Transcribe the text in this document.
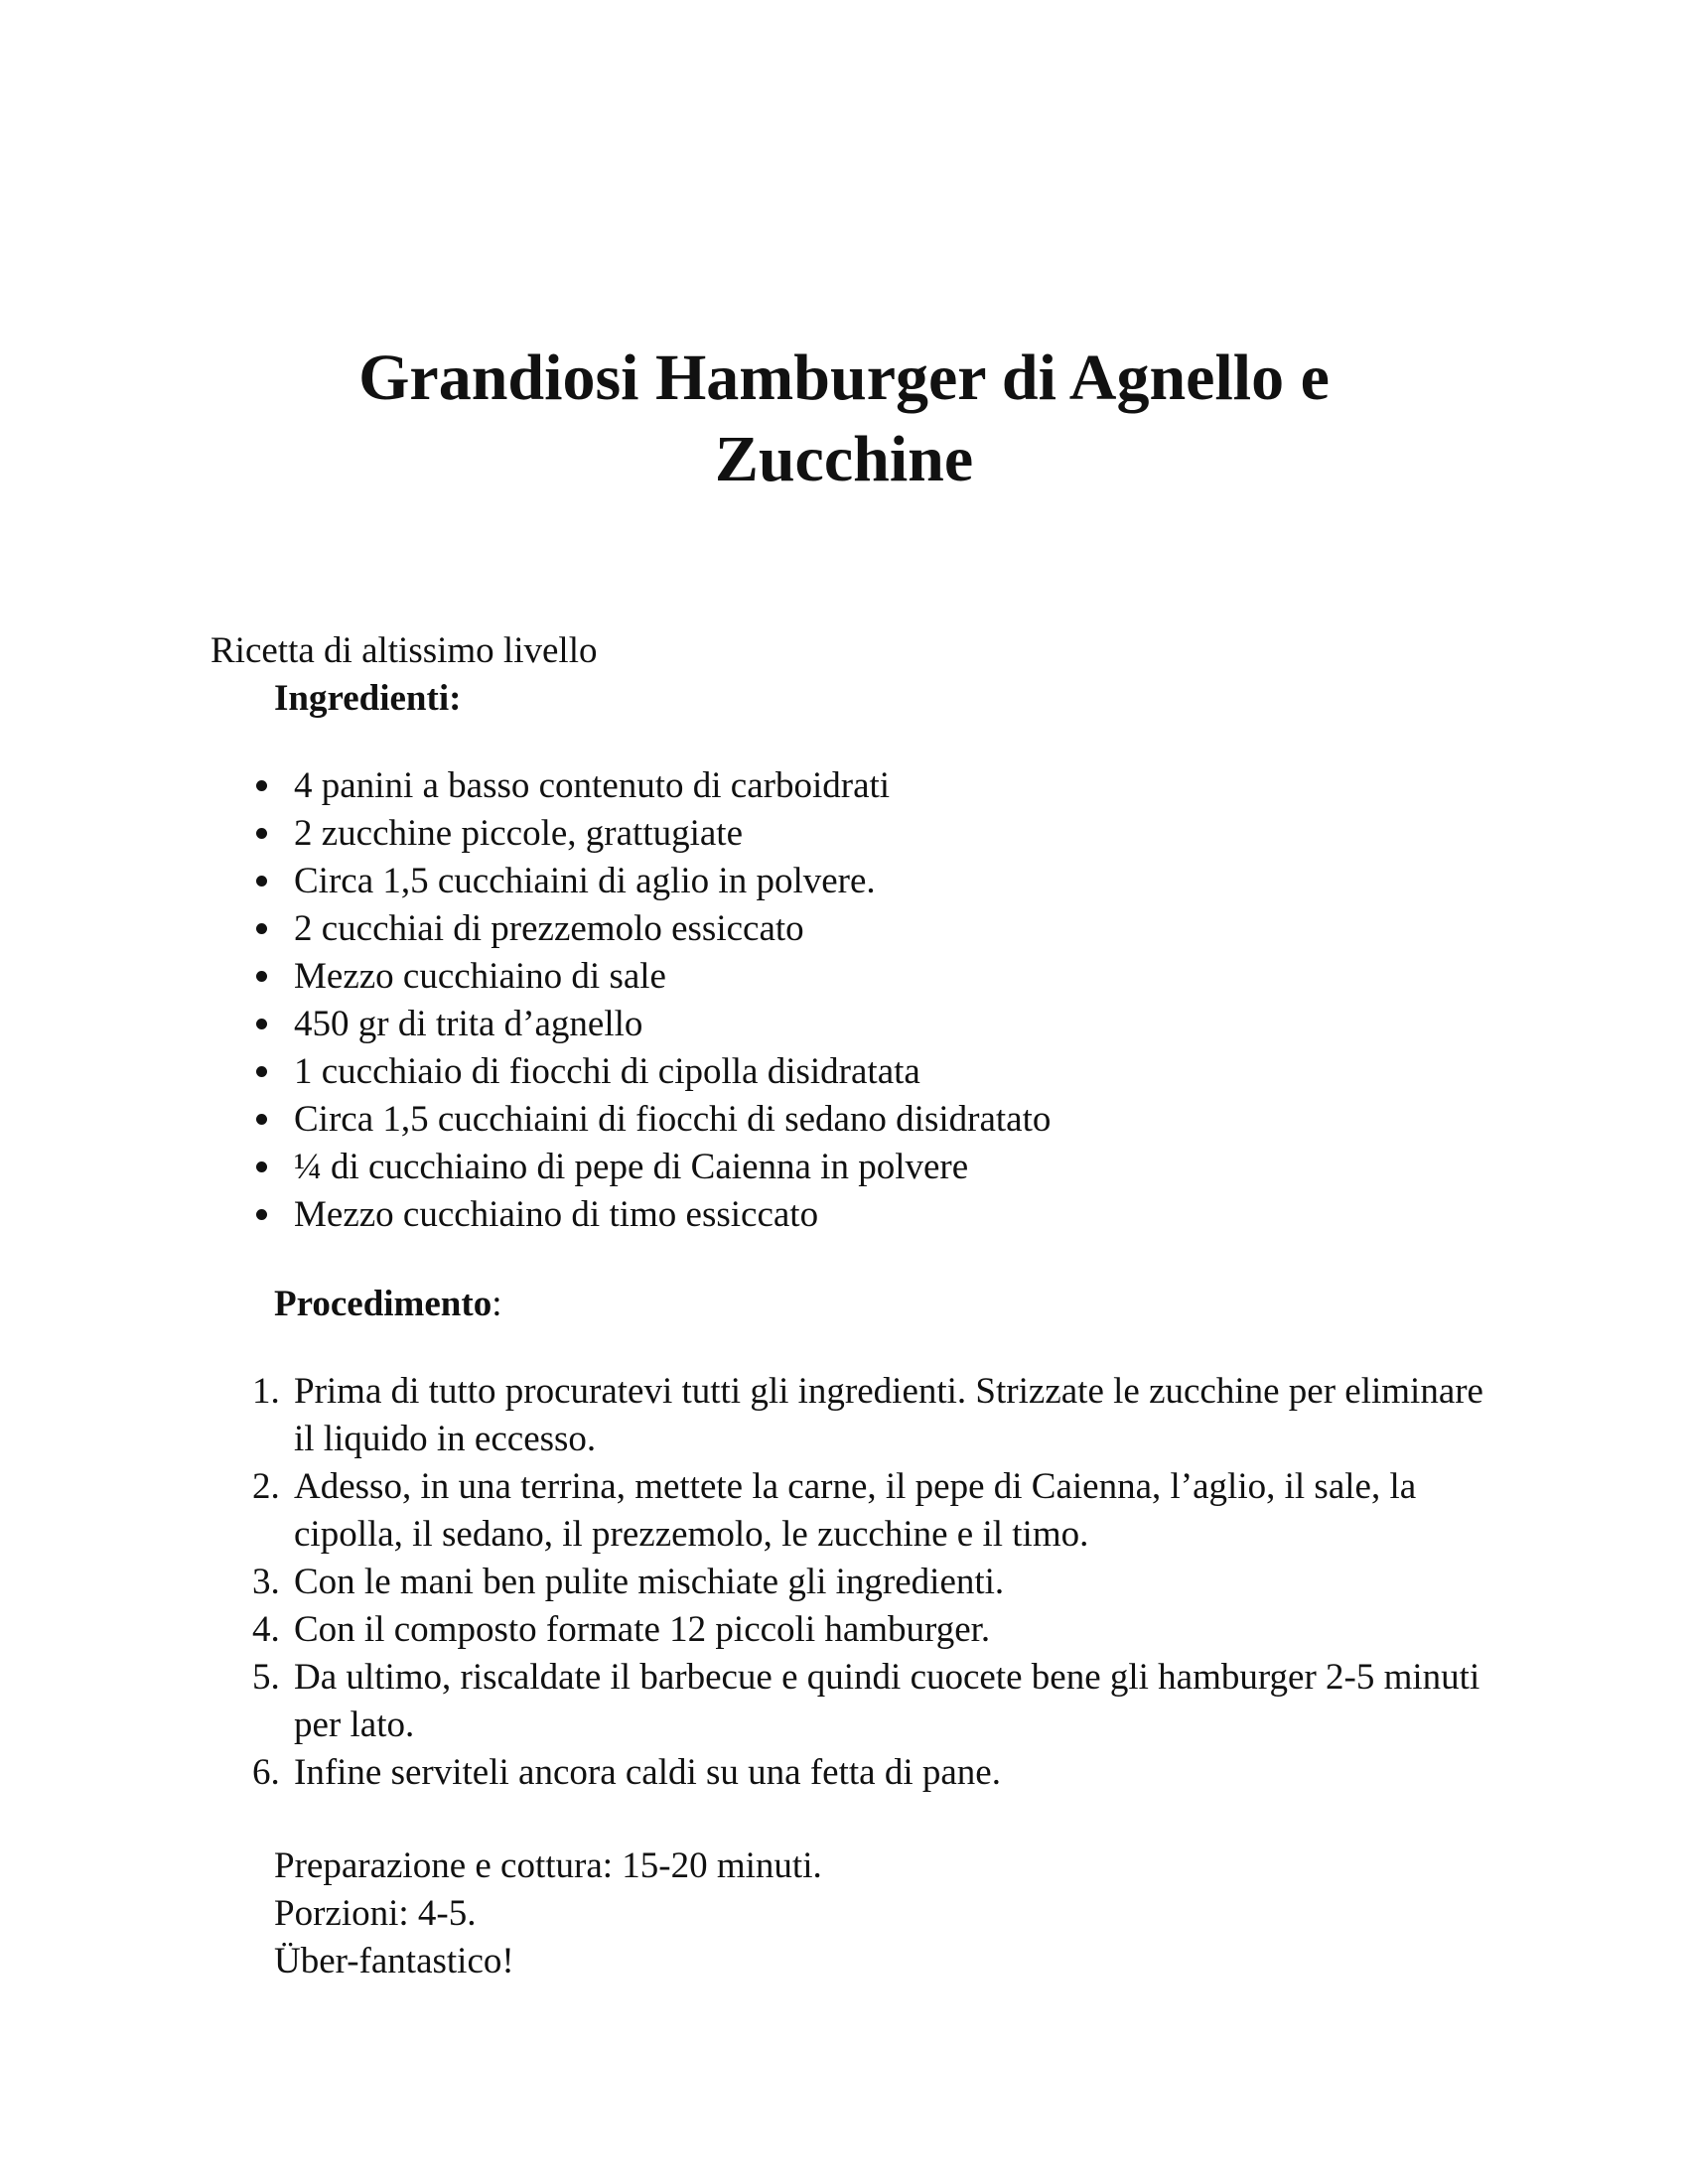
Grandiosi Hamburger di Agnello e Zucchine

Ricetta di altissimo livello

Ingredienti:

4 panini a basso contenuto di carboidrati
2 zucchine piccole, grattugiate
Circa 1,5 cucchiaini di aglio in polvere.
2 cucchiai di prezzemolo essiccato
Mezzo cucchiaino di sale
450 gr di trita d’agnello
1 cucchiaio di fiocchi di cipolla disidratata
Circa 1,5 cucchiaini di fiocchi di sedano disidratato
¼ di cucchiaino di pepe di Caienna in polvere
Mezzo cucchiaino di timo essiccato

Procedimento:

1. Prima di tutto procuratevi tutti gli ingredienti. Strizzate le zucchine per eliminare il liquido in eccesso.
2. Adesso, in una terrina, mettete la carne, il pepe di Caienna, l’aglio, il sale, la cipolla, il sedano, il prezzemolo, le zucchine e il timo.
3. Con le mani ben pulite mischiate gli ingredienti.
4. Con il composto formate 12 piccoli hamburger.
5. Da ultimo, riscaldate il barbecue e quindi cuocete bene gli hamburger 2-5 minuti per lato.
6. Infine serviteli ancora caldi su una fetta di pane.
Preparazione e cottura: 15-20 minuti.
Porzioni: 4-5.
Über-fantastico!
